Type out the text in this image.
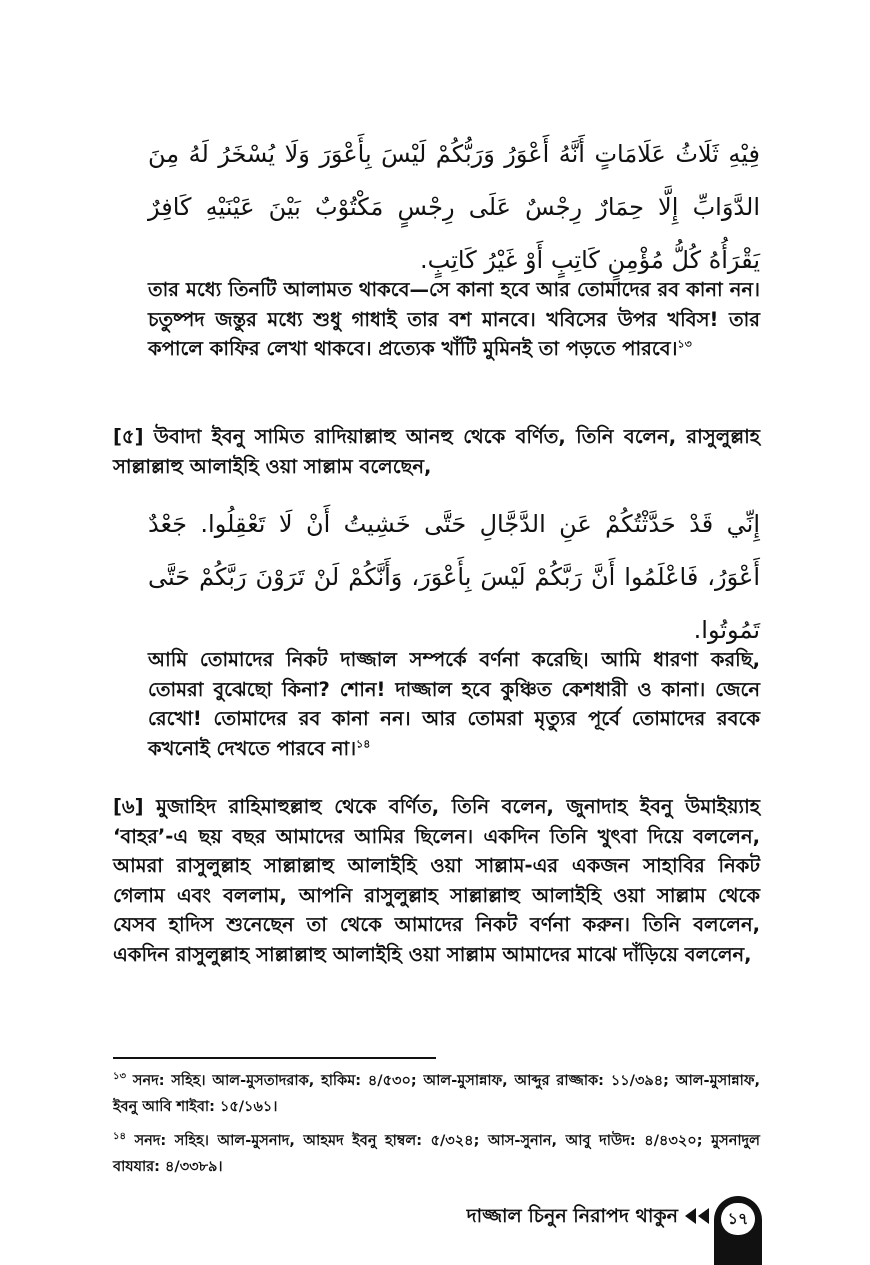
فِيْهِ ثَلَاثُ عَلَامَاتٍ أَنَّهُ أَعْوَرُ وَرَبُّكُمْ لَيْسَ بِأَعْوَرَ وَلَا يُسْخَرُ لَهُ مِنَ الدَّوَابِّ إِلَّا حِمَارٌ رِجْسٌ عَلَى رِجْسٍ مَكْتُوْبٌ بَيْنَ عَيْنَيْهِ كَافِرٌ يَقْرَأُهُ كُلُّ مُؤْمِنٍ كَاتِبٍ أَوْ غَيْرُ كَاتِبٍ.

তার মধ্যে তিনটি আলামত থাকবে—সে কানা হবে আর তোমাদের রব কানা নন। চতুষ্পদ জন্তুর মধ্যে শুধু গাধাই তার বশ মানবে। খবিসের উপর খবিস! তার কপালে কাফির লেখা থাকবে। প্রত্যেক খাঁটি মুমিনই তা পড়তে পারবে।$^{১৩}$

[৫] উবাদা ইবনু সামিত রাদিয়াল্লাহু আনহু থেকে বর্ণিত, তিনি বলেন, রাসুলুল্লাহ সাল্লাল্লাহু আলাইহি ওয়া সাল্লাম বলেছেন,

إِنِّي قَدْ حَدَّثْتُكُمْ عَنِ الدَّجَّالِ حَتَّى خَشِيتُ أَنْ لَا تَعْقِلُوا. جَعْدٌ أَعْوَرُ، فَاعْلَمُوا أَنَّ رَبَّكُمْ لَيْسَ بِأَعْوَرَ، وَأَنَّكُمْ لَنْ تَرَوْنَ رَبَّكُمْ حَتَّى تَمُوتُوا.

আমি তোমাদের নিকট দাজ্জাল সম্পর্কে বর্ণনা করেছি। আমি ধারণা করছি, তোমরা বুঝেছো কিনা? শোন! দাজ্জাল হবে কুঞ্চিত কেশধারী ও কানা। জেনে রেখো! তোমাদের রব কানা নন। আর তোমরা মৃত্যুর পূর্বে তোমাদের রবকে কখনোই দেখতে পারবে না।$^{১৪}$

[৬] মুজাহিদ রাহিমাহুল্লাহু থেকে বর্ণিত, তিনি বলেন, জুনাদাহ ইবনু উমাইয়্যাহ ‘বাহর’-এ ছয় বছর আমাদের আমির ছিলেন। একদিন তিনি খুৎবা দিয়ে বললেন, আমরা রাসুলুল্লাহ সাল্লাল্লাহু আলাইহি ওয়া সাল্লাম-এর একজন সাহাবির নিকট গেলাম এবং বললাম, আপনি রাসুলুল্লাহ সাল্লাল্লাহু আলাইহি ওয়া সাল্লাম থেকে যেসব হাদিস শুনেছেন তা থেকে আমাদের নিকট বর্ণনা করুন। তিনি বললেন, একদিন রাসুলুল্লাহ সাল্লাল্লাহু আলাইহি ওয়া সাল্লাম আমাদের মাঝে দাঁড়িয়ে বললেন,

$^{১৩}$ সনদ: সহিহ। আল-মুসতাদরাক, হাকিম: ৪/৫৩০; আল-মুসান্নাফ, আব্দুর রাজ্জাক: ১১/৩৯৪; আল-মুসান্নাফ, ইবনু আবি শাইবা: ১৫/১৬১।

$^{১৪}$ সনদ: সহিহ। আল-মুসনাদ, আহমদ ইবনু হাম্বল: ৫/৩২৪; আস-সুনান, আবু দাউদ: ৪/৪৩২০; মুসনাদুল বাযযার: ৪/৩৩৮৯।

দাজ্জাল চিনুন নিরাপদ থাকুন	১৭
